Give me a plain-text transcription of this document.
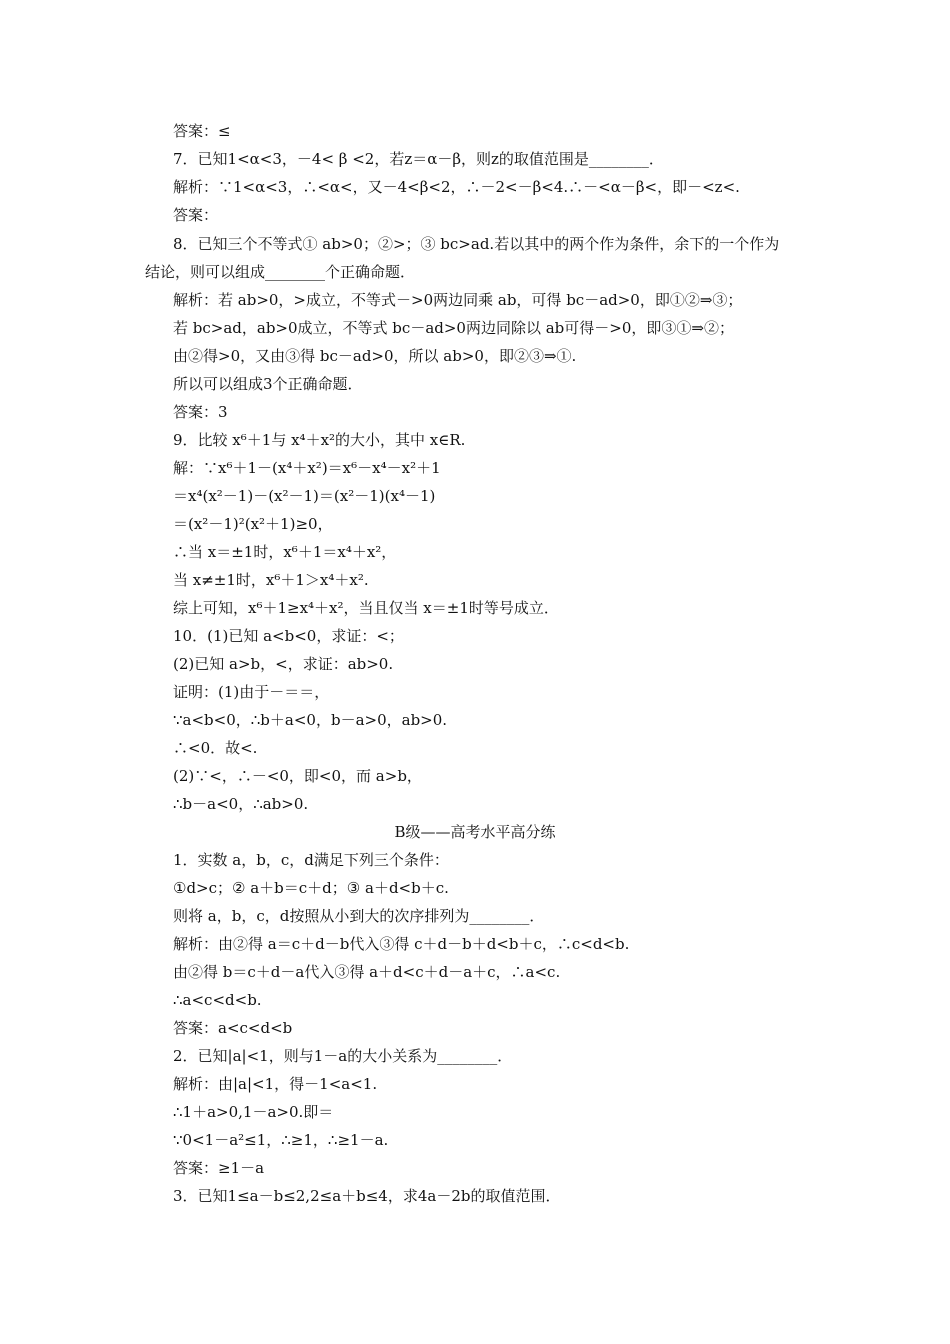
答案：≤
7．已知1<α<3，－4< β <2，若z＝α－β，则z的取值范围是________．
解析：∵1<α<3，∴<α<，又－4<β<2，∴－2<－β<4.∴－<α－β<，即－<z<.
答案：
8．已知三个不等式① ab>0；②>；③ bc>ad.若以其中的两个作为条件，余下的一个作为
结论，则可以组成________个正确命题．
解析：若 ab>0，>成立，不等式－>0两边同乘 ab，可得 bc－ad>0，即①②⇒③；
若 bc>ad，ab>0成立，不等式 bc－ad>0两边同除以 ab可得－>0，即③①⇒②；
由②得>0，又由③得 bc－ad>0，所以 ab>0，即②③⇒①.
所以可以组成3个正确命题．
答案：3
9．比较 x⁶＋1与 x⁴＋x²的大小，其中 x∈R.
解：∵x⁶＋1－(x⁴＋x²)＝x⁶－x⁴－x²＋1
＝x⁴(x²－1)－(x²－1)＝(x²－1)(x⁴－1)
＝(x²－1)²(x²＋1)≥0，
∴当 x＝±1时，x⁶＋1＝x⁴＋x²，
当 x≠±1时，x⁶＋1＞x⁴＋x².
综上可知，x⁶＋1≥x⁴＋x²，当且仅当 x＝±1时等号成立．
10．(1)已知 a<b<0，求证：<；
(2)已知 a>b，<，求证：ab>0.
证明：(1)由于－＝＝，
∵a<b<0，∴b＋a<0，b－a>0，ab>0.
∴<0．故<.
(2)∵<，∴－<0，即<0，而 a>b，
∴b－a<0，∴ab>0.
B级——高考水平高分练
1．实数 a，b，c，d满足下列三个条件：
①d>c；② a＋b＝c＋d；③ a＋d<b＋c.
则将 a，b，c，d按照从小到大的次序排列为________．
解析：由②得 a＝c＋d－b代入③得 c＋d－b＋d<b＋c，∴c<d<b.
由②得 b＝c＋d－a代入③得 a＋d<c＋d－a＋c，∴a<c.
∴a<c<d<b.
答案：a<c<d<b
2．已知|a|<1，则与1－a的大小关系为________．
解析：由|a|<1，得－1<a<1.
∴1＋a>0,1－a>0.即＝
∵0<1－a²≤1，∴≥1，∴≥1－a.
答案：≥1－a
3．已知1≤a－b≤2,2≤a＋b≤4，求4a－2b的取值范围．
